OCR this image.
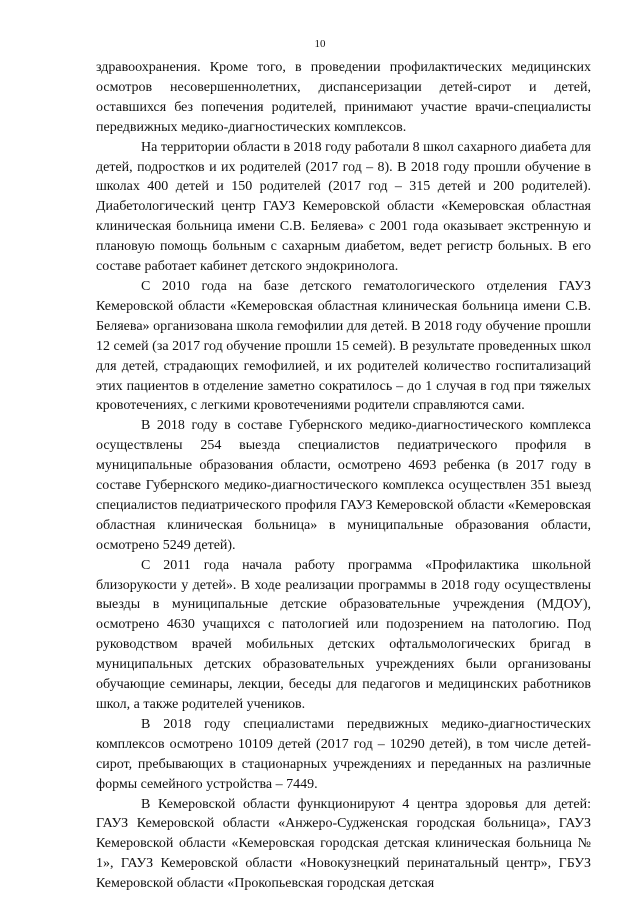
10

здравоохранения. Кроме того, в проведении профилактических медицинских осмотров несовершеннолетних, диспансеризации детей-сирот и детей, оставшихся без попечения родителей, принимают участие врачи-специалисты передвижных медико-диагностических комплексов.

На территории области в 2018 году работали 8 школ сахарного диабета для детей, подростков и их родителей (2017 год – 8). В 2018 году прошли обучение в школах 400 детей и 150 родителей (2017 год – 315 детей и 200 родителей). Диабетологический центр ГАУЗ Кемеровской области «Кемеровская областная клиническая больница имени С.В. Беляева» с 2001 года оказывает экстренную и плановую помощь больным с сахарным диабетом, ведет регистр больных. В его составе работает кабинет детского эндокринолога.

С 2010 года на базе детского гематологического отделения ГАУЗ Кемеровской области «Кемеровская областная клиническая больница имени С.В. Беляева» организована школа гемофилии для детей. В 2018 году обучение прошли 12 семей (за 2017 год обучение прошли 15 семей). В результате проведенных школ для детей, страдающих гемофилией, и их родителей количество госпитализаций этих пациентов в отделение заметно сократилось – до 1 случая в год при тяжелых кровотечениях, с легкими кровотечениями родители справляются сами.

В 2018 году в составе Губернского медико-диагностического комплекса осуществлены 254 выезда специалистов педиатрического профиля в муниципальные образования области, осмотрено 4693 ребенка (в 2017 году в составе Губернского медико-диагностического комплекса осуществлен 351 выезд специалистов педиатрического профиля ГАУЗ Кемеровской области «Кемеровская областная клиническая больница» в муниципальные образования области, осмотрено 5249 детей).

С 2011 года начала работу программа «Профилактика школьной близорукости у детей». В ходе реализации программы в 2018 году осуществлены выезды в муниципальные детские образовательные учреждения (МДОУ), осмотрено 4630 учащихся с патологией или подозрением на патологию. Под руководством врачей мобильных детских офтальмологических бригад в муниципальных детских образовательных учреждениях были организованы обучающие семинары, лекции, беседы для педагогов и медицинских работников школ, а также родителей учеников.

В 2018 году специалистами передвижных медико-диагностических комплексов осмотрено 10109 детей (2017 год – 10290 детей), в том числе детей-сирот, пребывающих в стационарных учреждениях и переданных на различные формы семейного устройства – 7449.

В Кемеровской области функционируют 4 центра здоровья для детей: ГАУЗ Кемеровской области «Анжеро-Судженская городская больница», ГАУЗ Кемеровской области «Кемеровская городская детская клиническая больница № 1», ГАУЗ Кемеровской области «Новокузнецкий перинатальный центр», ГБУЗ Кемеровской области «Прокопьевская городская детская
